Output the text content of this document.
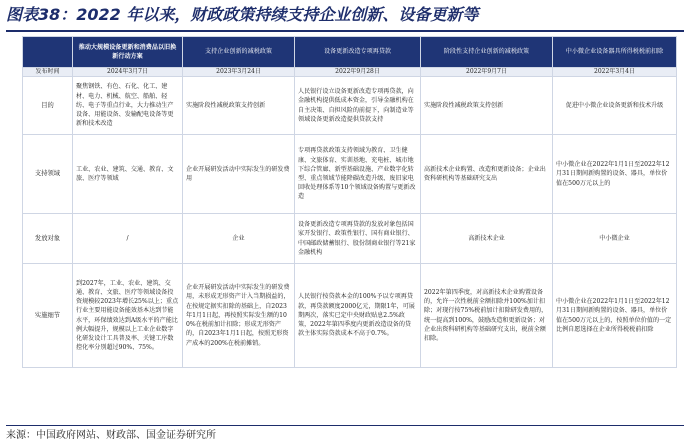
图表38：2022 年以来，财政政策持续支持企业创新、设备更新等
	推动大规模设备更新和消费品以旧换新行动方案	支持企业创新的减税政策	设备更新改造专项再贷款	阶段性支持企业创新的减税政策	中小微企业设备器具所得税税前扣除
发布时间	2024年3月7日	2023年3月24日	2022年9月28日	2022年9月7日	2022年3月4日
目的	聚焦钢铁、有色、石化、化工、建材、电力、机械、航空、船舶、轻纺、电子等重点行业，大力推动生产设备、用能设备、发输配电设备等更新和技术改造	实施阶段性减税政策支持创新	人民银行设立设备更新改造专项再贷款，向金融机构提供低成本资金，引导金融机构在自主决策、自担风险的前提下，向制造业等领域设备更新改造提供贷款支持	实施阶段性减税政策支持创新	促进中小微企业设备更新和技术升级
支持领域	工业、农业、建筑、交通、教育、文旅、医疗等领域	企业开展研发活动中实际发生的研发费用	专项再贷款政策支持领域为教育、卫生健康、文旅体育、实训基地、充电桩、城市地下综合管廊、新型基础设施、产业数字化转型、重点领域节能降碳改造升级、废旧家电回收处理体系等10个领域设备购置与更新改造	高新技术企业购置、改造和更新设备；企业出资科研机构等基础研究支出	中小微企业在2022年1月1日至2022年12月31日期间新购置的设备、器具，单位价值在500万元以上的
发放对象	/	企业	设备更新改造专项再贷款的发放对象包括国家开发银行、政策性银行、国有商业银行、中国邮政储蓄银行、股份制商业银行等21家金融机构	高新技术企业	中小微企业
实施细节	到2027年，工业、农业、建筑、交通、教育、文旅、医疗等领域设备投资规模较2023年增长25%以上；重点行业主要用能设备能效基本达到节能水平，环保绩效达到A级水平的产能比例大幅提升，规模以上工业企业数字化研发设计工具普及率、关键工序数控化率分别超过90%、75%。	企业开展研发活动中实际发生的研发费用，未形成无形资产计入当期损益的，在按规定据实扣除的基础上，自2023年1月1日起，再按照实际发生额的100%在税前加计扣除；形成无形资产的，自2023年1月1日起，按照无形资产成本的200%在税前摊销。	人民银行按贷款本金的100%予以专项再贷款，再贷款额度2000亿元，期限1年，可展期两次，落实已定中央财政贴息2.5%政策，2022年第四季度内更新改造设备的贷款主体实际贷款成本不高于0.7%。	2022年第四季度，对高新技术企业购置设备的，允许一次性税前全额扣除并100%加计扣除；对现行按75%税前加计扣除研发费用的，统一提高到100%，鼓励改造和更新设备；对企业出资科研机构等基础研究支出，税前全额扣除。	中小微企业在2022年1月1日至2022年12月31日期间新购置的设备、器具，单位价值在500万元以上的，按照单位价值的一定比例自愿选择在企业所得税税前扣除
来源：中国政府网站、财政部、国金证券研究所
